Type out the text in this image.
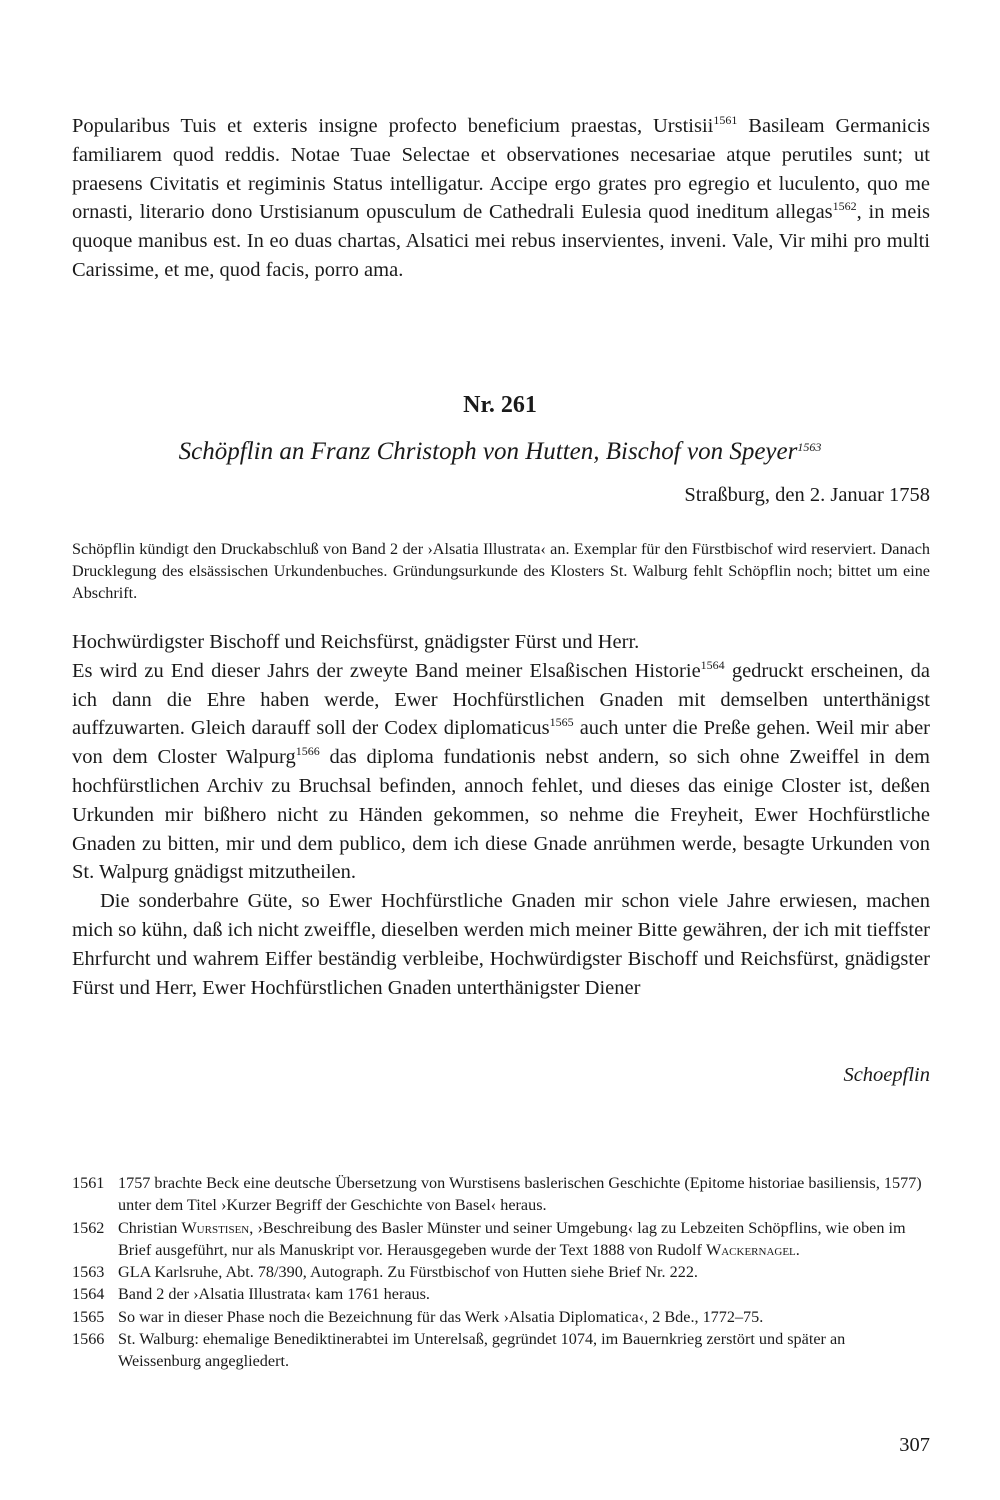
Popularibus Tuis et exteris insigne profecto beneficium praestas, Urstisii$^{1561}$ Basileam Germanicis familiarem quod reddis. Notae Tuae Selectae et observationes necesariae atque perutiles sunt; ut praesens Civitatis et regiminis Status intelligatur. Accipe ergo grates pro egregio et luculento, quo me ornasti, literario dono Urstisianum opusculum de Cathedrali Eulesia quod ineditum allegas$^{1562}$, in meis quoque manibus est. In eo duas chartas, Alsatici mei rebus inservientes, inveni. Vale, Vir mihi pro multi Carissime, et me, quod facis, porro ama.

Nr. 261
Schöpflin an Franz Christoph von Hutten, Bischof von Speyer$^{1563}$
Straßburg, den 2. Januar 1758

Schöpflin kündigt den Druckabschluß von Band 2 der ›Alsatia Illustrata‹ an. Exemplar für den Fürstbischof wird reserviert. Danach Drucklegung des elsässischen Urkundenbuches. Gründungsurkunde des Klosters St. Walburg fehlt Schöpflin noch; bittet um eine Abschrift.

Hochwürdigster Bischoff und Reichsfürst, gnädigster Fürst und Herr.

Es wird zu End dieser Jahrs der zweyte Band meiner Elsaßischen Historie$^{1564}$ gedruckt erscheinen, da ich dann die Ehre haben werde, Ewer Hochfürstlichen Gnaden mit demselben unterthänigst auffzuwarten. Gleich darauff soll der Codex diplomaticus$^{1565}$ auch unter die Preße gehen. Weil mir aber von dem Closter Walpurg$^{1566}$ das diploma fundationis nebst andern, so sich ohne Zweiffel in dem hochfürstlichen Archiv zu Bruchsal befinden, annoch fehlet, und dieses das einige Closter ist, deßen Urkunden mir bißhero nicht zu Händen gekommen, so nehme die Freyheit, Ewer Hochfürstliche Gnaden zu bitten, mir und dem publico, dem ich diese Gnade anrühmen werde, besagte Urkunden von St. Walpurg gnädigst mitzutheilen.

Die sonderbahre Güte, so Ewer Hochfürstliche Gnaden mir schon viele Jahre erwiesen, machen mich so kühn, daß ich nicht zweiffle, dieselben werden mich meiner Bitte gewähren, der ich mit tieffster Ehrfurcht und wahrem Eiffer beständig verbleibe, Hochwürdigster Bischoff und Reichsfürst, gnädigster Fürst und Herr, Ewer Hochfürstlichen Gnaden unterthänigster Diener

Schoepflin
1561 1757 brachte Beck eine deutsche Übersetzung von Wurstisens baslerischen Geschichte (Epitome historiae basiliensis, 1577) unter dem Titel ›Kurzer Begriff der Geschichte von Basel‹ heraus.
1562 Christian Wurstisen, ›Beschreibung des Basler Münster und seiner Umgebung‹ lag zu Lebzeiten Schöpflins, wie oben im Brief ausgeführt, nur als Manuskript vor. Herausgegeben wurde der Text 1888 von Rudolf Wackernagel.
1563 GLA Karlsruhe, Abt. 78/390, Autograph. Zu Fürstbischof von Hutten siehe Brief Nr. 222.
1564 Band 2 der ›Alsatia Illustrata‹ kam 1761 heraus.
1565 So war in dieser Phase noch die Bezeichnung für das Werk ›Alsatia Diplomatica‹, 2 Bde., 1772–75.
1566 St. Walburg: ehemalige Benediktinerabtei im Unterelsaß, gegründet 1074, im Bauernkrieg zerstört und später an Weissenburg angegliedert.
307
